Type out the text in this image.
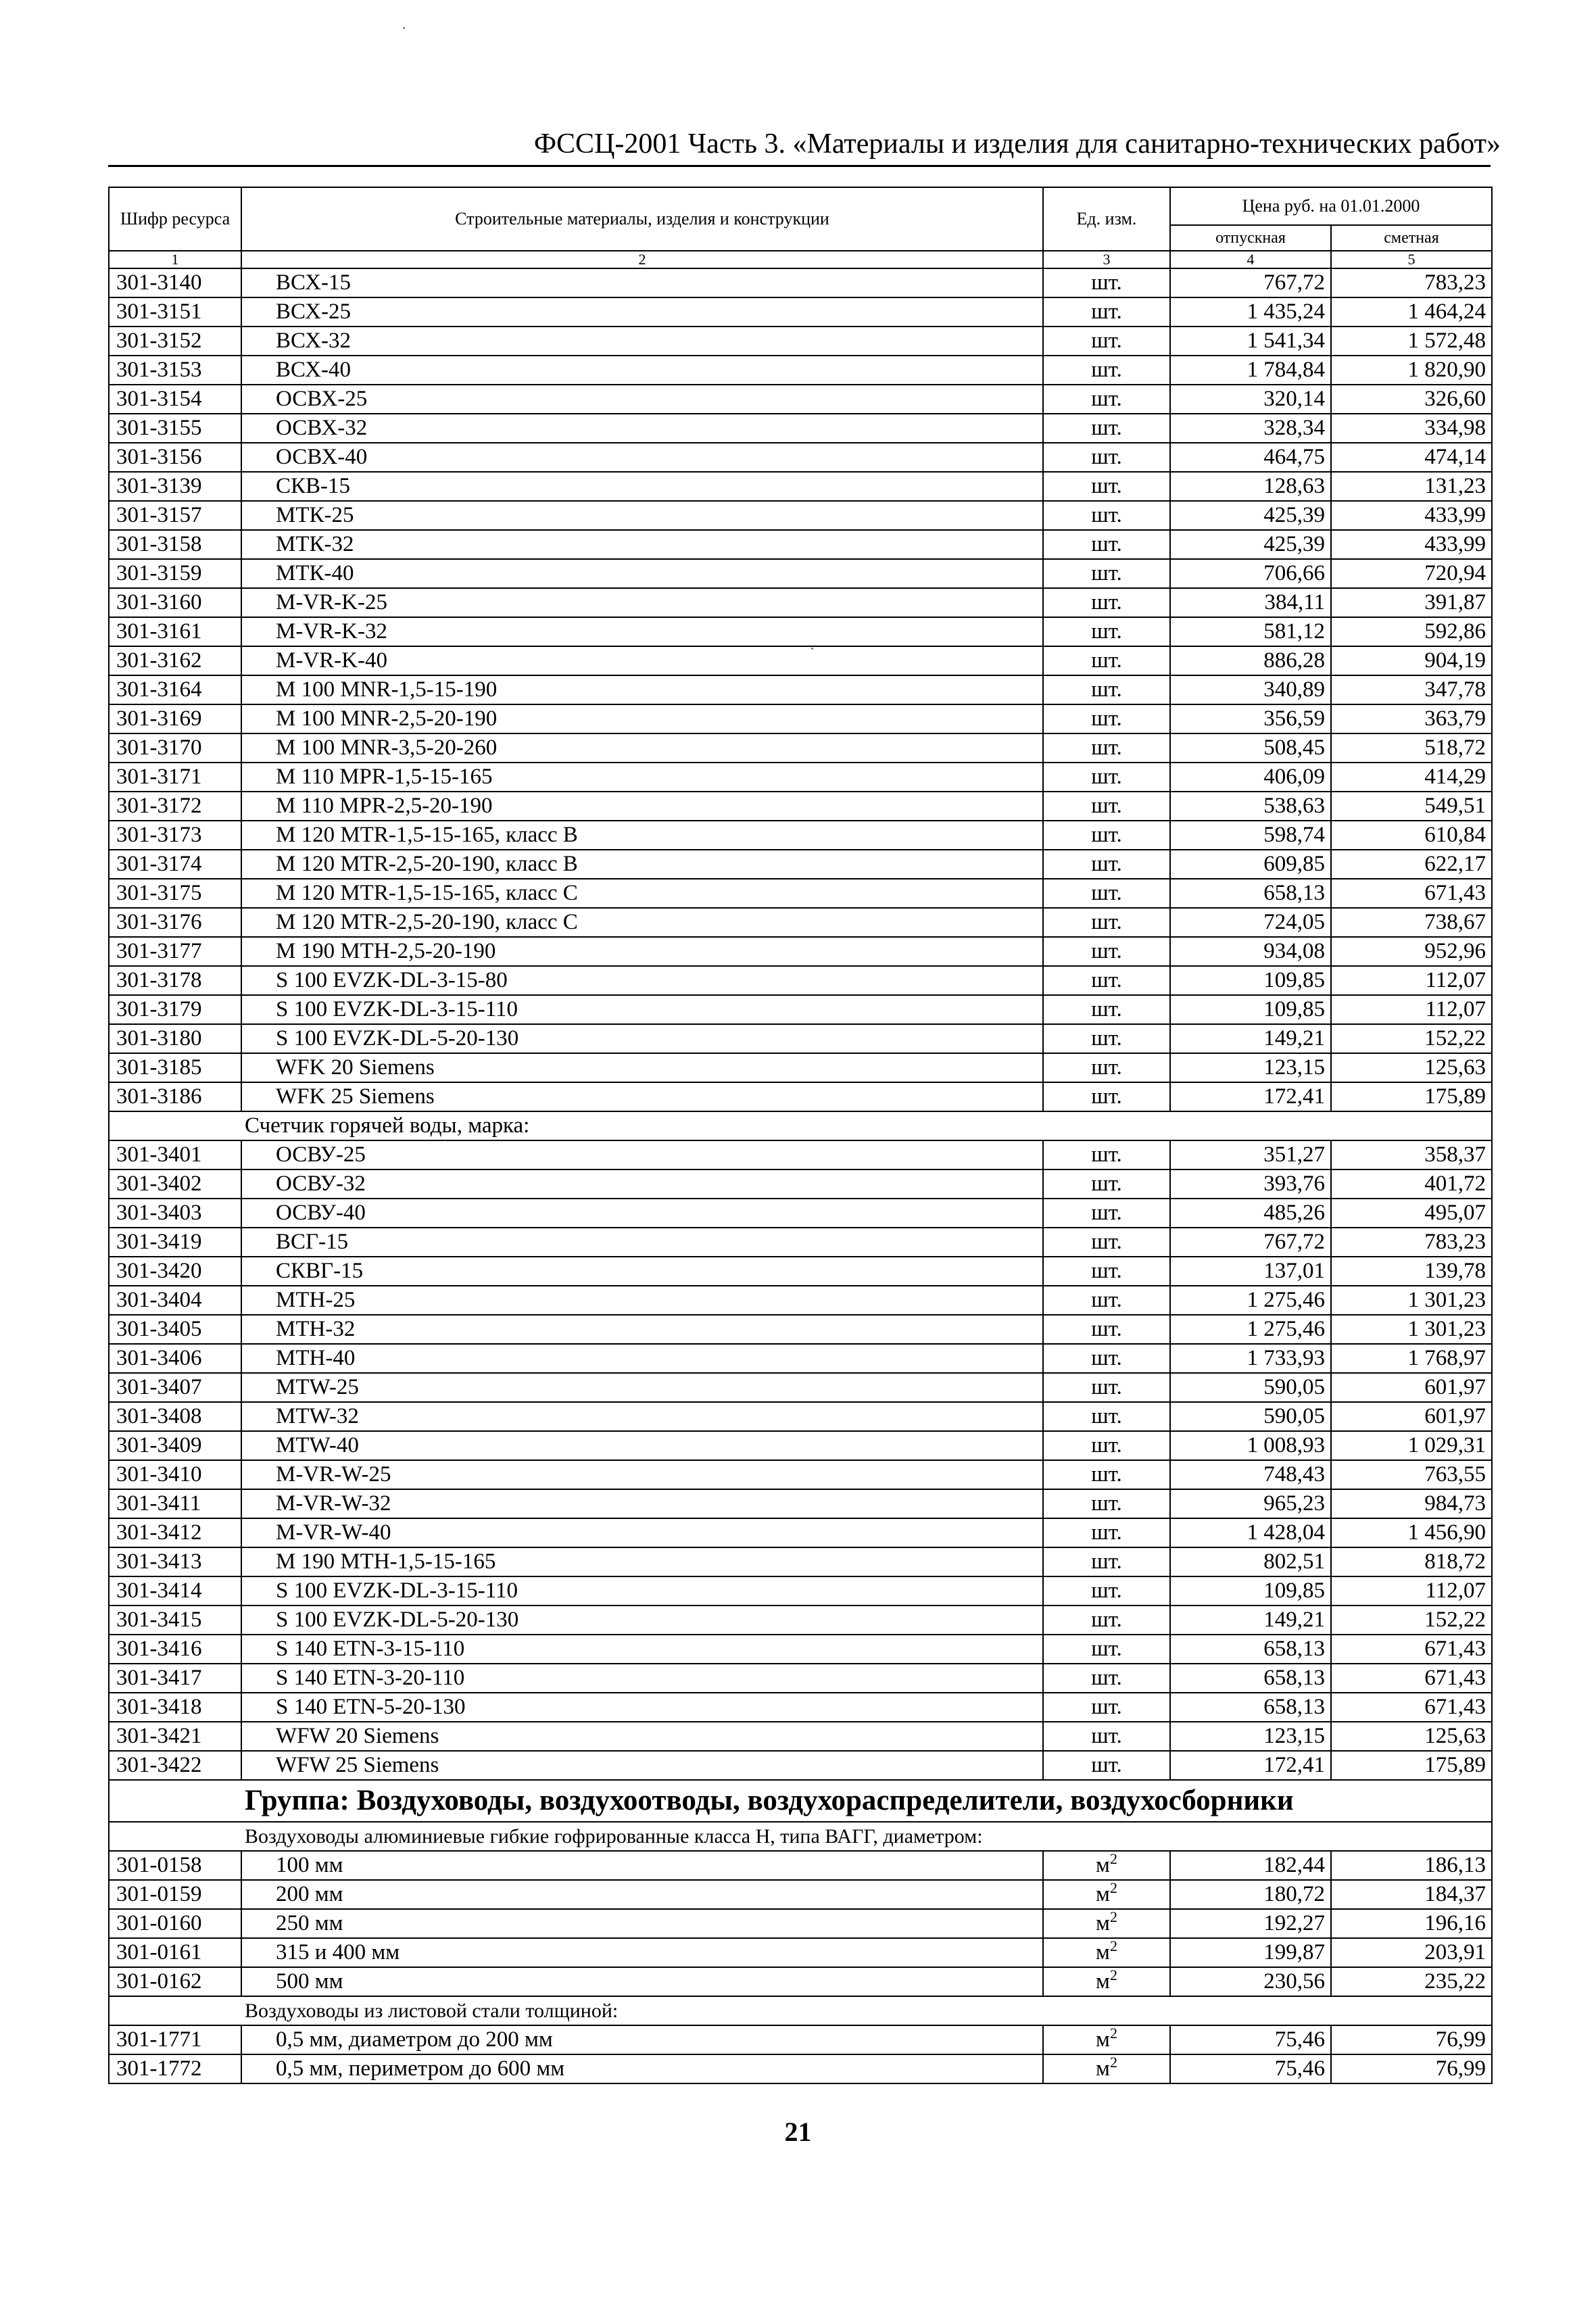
ФССЦ-2001 Часть 3. «Материалы и изделия для санитарно-технических работ»
Шифр ресурса	Строительные материалы, изделия и конструкции	Ед. изм.	Цена руб. на 01.01.2000	
			отпускная	сметная
1	2	3	4	5
301-3140	ВСХ-15	шт.	767,72	783,23
301-3151	ВСХ-25	шт.	1 435,24	1 464,24
301-3152	ВСХ-32	шт.	1 541,34	1 572,48
301-3153	ВСХ-40	шт.	1 784,84	1 820,90
301-3154	ОСВХ-25	шт.	320,14	326,60
301-3155	ОСВХ-32	шт.	328,34	334,98
301-3156	ОСВХ-40	шт.	464,75	474,14
301-3139	СКВ-15	шт.	128,63	131,23
301-3157	МТК-25	шт.	425,39	433,99
301-3158	МТК-32	шт.	425,39	433,99
301-3159	МТК-40	шт.	706,66	720,94
301-3160	M-VR-K-25	шт.	384,11	391,87
301-3161	M-VR-K-32	шт.	581,12	592,86
301-3162	M-VR-K-40	шт.	886,28	904,19
301-3164	M 100 MNR-1,5-15-190	шт.	340,89	347,78
301-3169	M 100 MNR-2,5-20-190	шт.	356,59	363,79
301-3170	M 100 MNR-3,5-20-260	шт.	508,45	518,72
301-3171	M 110 MPR-1,5-15-165	шт.	406,09	414,29
301-3172	M 110 MPR-2,5-20-190	шт.	538,63	549,51
301-3173	M 120 MTR-1,5-15-165, класс В	шт.	598,74	610,84
301-3174	M 120 MTR-2,5-20-190, класс В	шт.	609,85	622,17
301-3175	M 120 MTR-1,5-15-165, класс С	шт.	658,13	671,43
301-3176	M 120 MTR-2,5-20-190, класс С	шт.	724,05	738,67
301-3177	M 190 MTH-2,5-20-190	шт.	934,08	952,96
301-3178	S 100 EVZK-DL-3-15-80	шт.	109,85	112,07
301-3179	S 100 EVZK-DL-3-15-110	шт.	109,85	112,07
301-3180	S 100 EVZK-DL-5-20-130	шт.	149,21	152,22
301-3185	WFK 20 Siemens	шт.	123,15	125,63
301-3186	WFK 25 Siemens	шт.	172,41	175,89
Счетчик горячей воды, марка:				
301-3401	ОСВУ-25	шт.	351,27	358,37
301-3402	ОСВУ-32	шт.	393,76	401,72
301-3403	ОСВУ-40	шт.	485,26	495,07
301-3419	ВСГ-15	шт.	767,72	783,23
301-3420	СКВГ-15	шт.	137,01	139,78
301-3404	МТН-25	шт.	1 275,46	1 301,23
301-3405	МТН-32	шт.	1 275,46	1 301,23
301-3406	МТН-40	шт.	1 733,93	1 768,97
301-3407	MTW-25	шт.	590,05	601,97
301-3408	MTW-32	шт.	590,05	601,97
301-3409	MTW-40	шт.	1 008,93	1 029,31
301-3410	M-VR-W-25	шт.	748,43	763,55
301-3411	M-VR-W-32	шт.	965,23	984,73
301-3412	M-VR-W-40	шт.	1 428,04	1 456,90
301-3413	M 190 MTH-1,5-15-165	шт.	802,51	818,72
301-3414	S 100 EVZK-DL-3-15-110	шт.	109,85	112,07
301-3415	S 100 EVZK-DL-5-20-130	шт.	149,21	152,22
301-3416	S 140 ETN-3-15-110	шт.	658,13	671,43
301-3417	S 140 ETN-3-20-110	шт.	658,13	671,43
301-3418	S 140 ETN-5-20-130	шт.	658,13	671,43
301-3421	WFW 20 Siemens	шт.	123,15	125,63
301-3422	WFW 25 Siemens	шт.	172,41	175,89
Группа: Воздуховоды, воздухоотводы, воздухораспределители, воздухосборники				
Воздуховоды алюминиевые гибкие гофрированные класса Н, типа ВАГГ, диаметром:				
301-0158	100 мм	$м^2$	182,44	186,13
301-0159	200 мм	$м^2$	180,72	184,37
301-0160	250 мм	$м^2$	192,27	196,16
301-0161	315 и 400 мм	$м^2$	199,87	203,91
301-0162	500 мм	$м^2$	230,56	235,22
Воздуховоды из листовой стали толщиной:				
301-1771	0,5 мм, диаметром до 200 мм	$м^2$	75,46	76,99
301-1772	0,5 мм, периметром до 600 мм	$м^2$	75,46	76,99
21
